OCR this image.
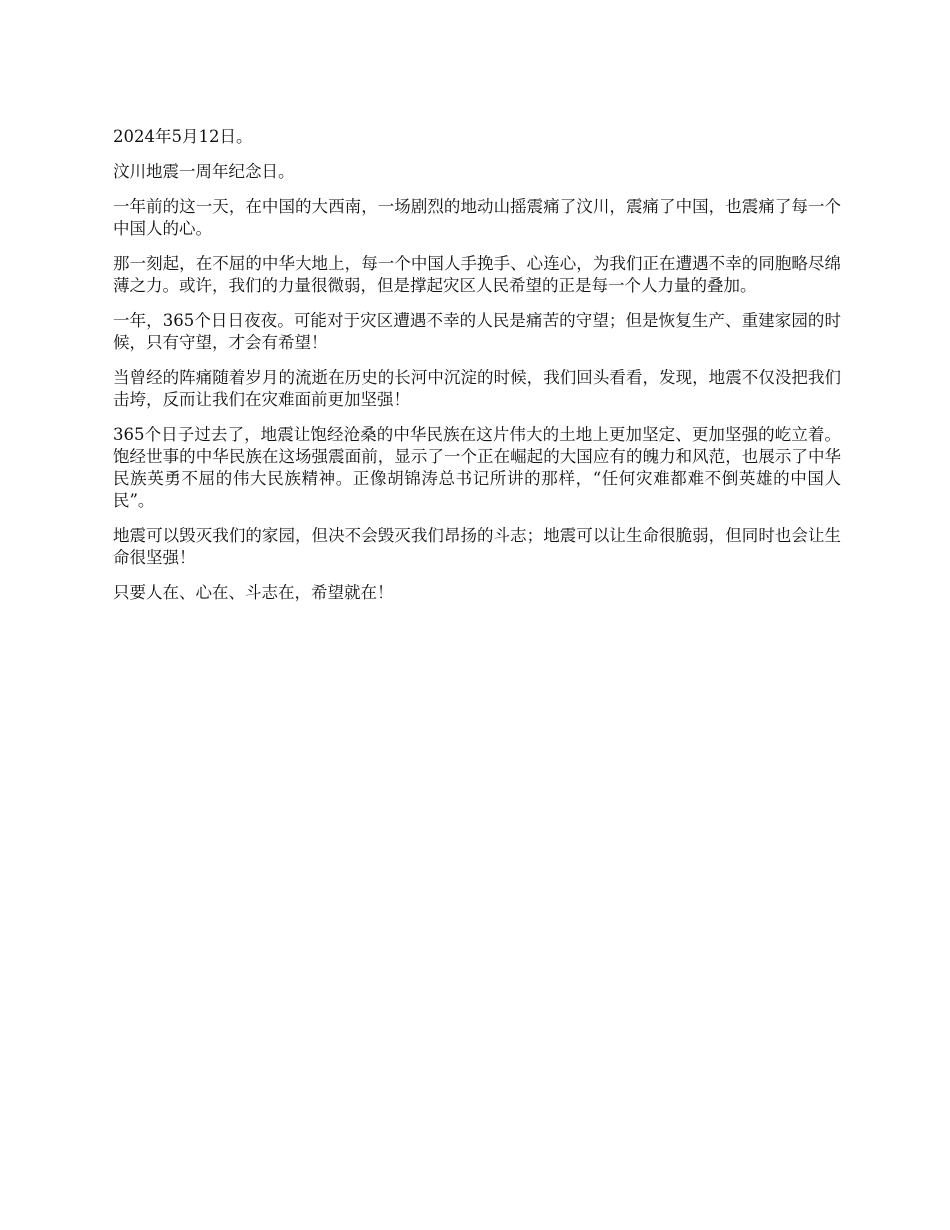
2024年5月12日。

汶川地震一周年纪念日。

一年前的这一天，在中国的大西南，一场剧烈的地动山摇震痛了汶川，震痛了中国，也震痛了每一个中国人的心。

那一刻起，在不屈的中华大地上，每一个中国人手挽手、心连心，为我们正在遭遇不幸的同胞略尽绵薄之力。或许，我们的力量很微弱，但是撑起灾区人民希望的正是每一个人力量的叠加。

一年，365个日日夜夜。可能对于灾区遭遇不幸的人民是痛苦的守望；但是恢复生产、重建家园的时候，只有守望，才会有希望！

当曾经的阵痛随着岁月的流逝在历史的长河中沉淀的时候，我们回头看看，发现，地震不仅没把我们击垮，反而让我们在灾难面前更加坚强！

365个日子过去了，地震让饱经沧桑的中华民族在这片伟大的土地上更加坚定、更加坚强的屹立着。饱经世事的中华民族在这场强震面前，显示了一个正在崛起的大国应有的魄力和风范，也展示了中华民族英勇不屈的伟大民族精神。正像胡锦涛总书记所讲的那样，“任何灾难都难不倒英雄的中国人民”。

地震可以毁灭我们的家园，但决不会毁灭我们昂扬的斗志；地震可以让生命很脆弱，但同时也会让生命很坚强！

只要人在、心在、斗志在，希望就在！
